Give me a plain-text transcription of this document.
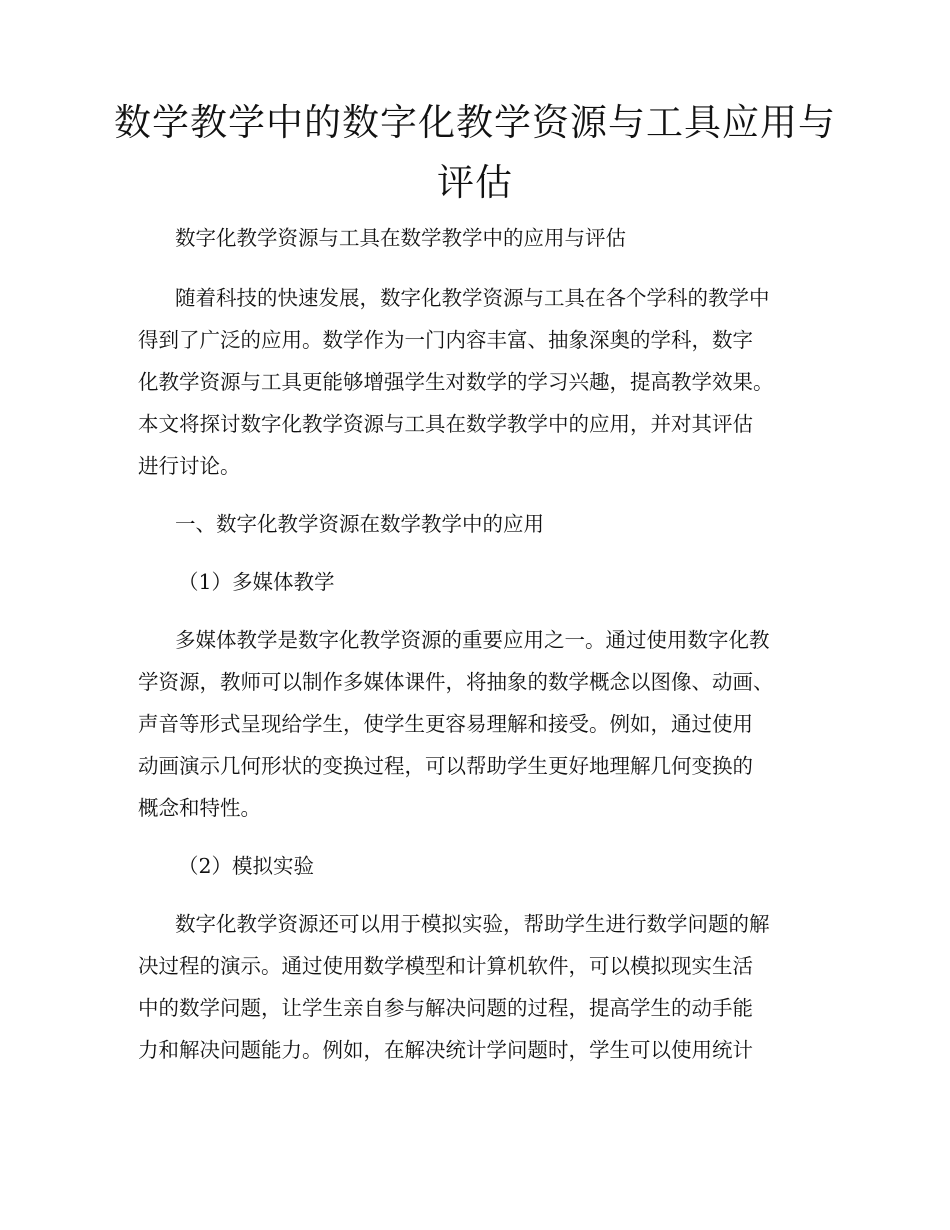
数学教学中的数字化教学资源与工具应用与
评估

数字化教学资源与工具在数学教学中的应用与评估

随着科技的快速发展，数字化教学资源与工具在各个学科的教学中

得到了广泛的应用。数学作为一门内容丰富、抽象深奥的学科，数字

化教学资源与工具更能够增强学生对数学的学习兴趣，提高教学效果。

本文将探讨数字化教学资源与工具在数学教学中的应用，并对其评估

进行讨论。

一、数字化教学资源在数学教学中的应用

（1）多媒体教学

多媒体教学是数字化教学资源的重要应用之一。通过使用数字化教

学资源，教师可以制作多媒体课件，将抽象的数学概念以图像、动画、

声音等形式呈现给学生，使学生更容易理解和接受。例如，通过使用

动画演示几何形状的变换过程，可以帮助学生更好地理解几何变换的

概念和特性。

（2）模拟实验

数字化教学资源还可以用于模拟实验，帮助学生进行数学问题的解

决过程的演示。通过使用数学模型和计算机软件，可以模拟现实生活

中的数学问题，让学生亲自参与解决问题的过程，提高学生的动手能

力和解决问题能力。例如，在解决统计学问题时，学生可以使用统计
